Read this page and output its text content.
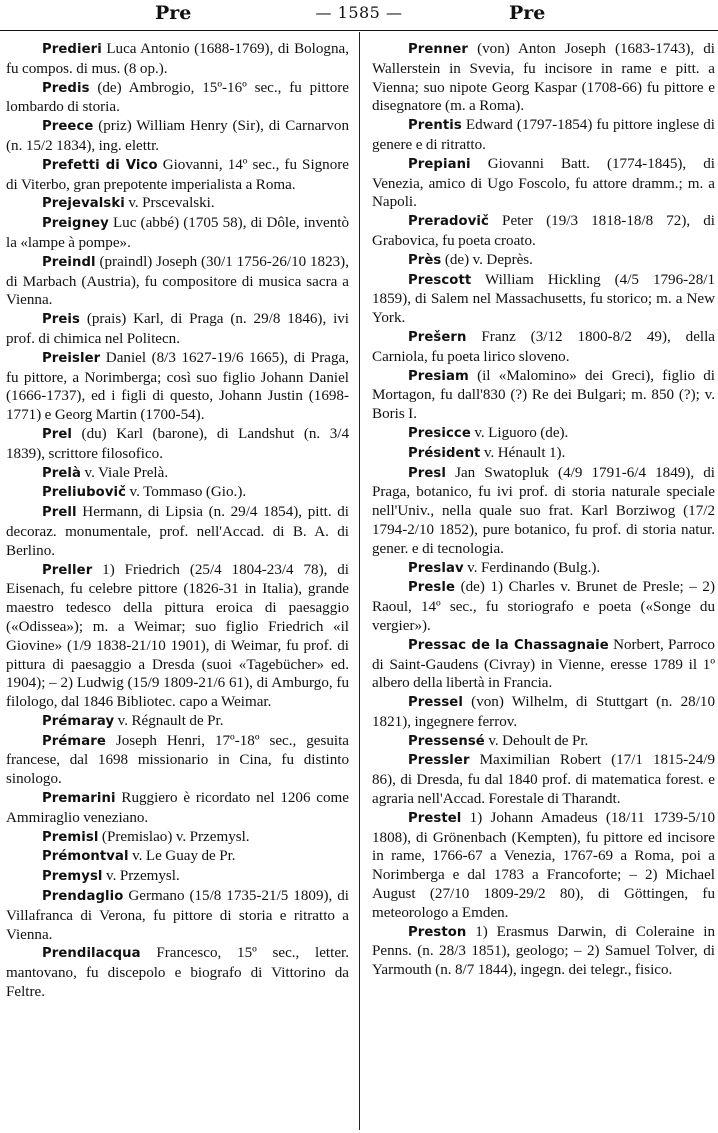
Pre	— 1585 —	Pre

Predieri Luca Antonio (1688-1769), di Bologna, fu compos. di mus. (8 op.).

Predis (de) Ambrogio, 15º-16º sec., fu pittore lombardo di storia.

Preece (priz) William Henry (Sir), di Carnarvon (n. 15/2 1834), ing. elettr.

Prefetti di Vico Giovanni, 14º sec., fu Signore di Viterbo, gran prepotente imperialista a Roma.

Prejevalski v. Prscevalski.

Preigney Luc (abbé) (1705 58), di Dôle, inventò la «lampe à pompe».

Preindl (praindl) Joseph (30/1 1756-26/10 1823), di Marbach (Austria), fu compositore di musica sacra a Vienna.

Preis (prais) Karl, di Praga (n. 29/8 1846), ivi prof. di chimica nel Politecn.

Preisler Daniel (8/3 1627-19/6 1665), di Praga, fu pittore, a Norimberga; così suo figlio Johann Daniel (1666-1737), ed i figli di questo, Johann Justin (1698-1771) e Georg Martin (1700-54).

Prel (du) Karl (barone), di Landshut (n. 3/4 1839), scrittore filosofico.

Prelà v. Viale Prelà.

Preliubovič v. Tommaso (Gio.).

Prell Hermann, di Lipsia (n. 29/4 1854), pitt. di decoraz. monumentale, prof. nell'Accad. di B. A. di Berlino.

Preller 1) Friedrich (25/4 1804-23/4 78), di Eisenach, fu celebre pittore (1826-31 in Italia), grande maestro tedesco della pittura eroica di paesaggio («Odissea»); m. a Weimar; suo figlio Friedrich «il Giovine» (1/9 1838-21/10 1901), di Weimar, fu prof. di pittura di paesaggio a Dresda (suoi «Tagebücher» ed. 1904); – 2) Ludwig (15/9 1809-21/6 61), di Amburgo, fu filologo, dal 1846 Bibliotec. capo a Weimar.

Prémaray v. Régnault de Pr.

Prémare Joseph Henri, 17º-18º sec., gesuita francese, dal 1698 missionario in Cina, fu distinto sinologo.

Premarini Ruggiero è ricordato nel 1206 come Ammiraglio veneziano.

Premisl (Premislao) v. Przemysl.

Prémontval v. Le Guay de Pr.

Premysl v. Przemysl.

Prendaglio Germano (15/8 1735-21/5 1809), di Villafranca di Verona, fu pittore di storia e ritratto a Vienna.

Prendilacqua Francesco, 15º sec., letter. mantovano, fu discepolo e biografo di Vittorino da Feltre.

Prenner (von) Anton Joseph (1683-1743), di Wallerstein in Svevia, fu incisore in rame e pitt. a Vienna; suo nipote Georg Kaspar (1708-66) fu pittore e disegnatore (m. a Roma).

Prentis Edward (1797-1854) fu pittore inglese di genere e di ritratto.

Prepiani Giovanni Batt. (1774-1845), di Venezia, amico di Ugo Foscolo, fu attore dramm.; m. a Napoli.

Preradovič Peter (19/3 1818-18/8 72), di Grabovica, fu poeta croato.

Près (de) v. Deprès.

Prescott William Hickling (4/5 1796-28/1 1859), di Salem nel Massachusetts, fu storico; m. a New York.

Prešern Franz (3/12 1800-8/2 49), della Carniola, fu poeta lirico sloveno.

Presiam (il «Malomino» dei Greci), figlio di Mortagon, fu dall'830 (?) Re dei Bulgari; m. 850 (?); v. Boris I.

Presicce v. Liguoro (de).

Président v. Hénault 1).

Presl Jan Swatopluk (4/9 1791-6/4 1849), di Praga, botanico, fu ivi prof. di storia naturale speciale nell'Univ., nella quale suo frat. Karl Borziwog (17/2 1794-2/10 1852), pure botanico, fu prof. di storia natur. gener. e di tecnologia.

Preslav v. Ferdinando (Bulg.).

Presle (de) 1) Charles v. Brunet de Presle; – 2) Raoul, 14º sec., fu storiografo e poeta («Songe du vergier»).

Pressac de la Chassagnaie Norbert, Parroco di Saint-Gaudens (Civray) in Vienne, eresse 1789 il 1º albero della libertà in Francia.

Pressel (von) Wilhelm, di Stuttgart (n. 28/10 1821), ingegnere ferrov.

Pressensé v. Dehoult de Pr.

Pressler Maximilian Robert (17/1 1815-24/9 86), di Dresda, fu dal 1840 prof. di matematica forest. e agraria nell'Accad. Forestale di Tharandt.

Prestel 1) Johann Amadeus (18/11 1739-5/10 1808), di Grönenbach (Kempten), fu pittore ed incisore in rame, 1766-67 a Venezia, 1767-69 a Roma, poi a Norimberga e dal 1783 a Francoforte; – 2) Michael August (27/10 1809-29/2 80), di Göttingen, fu meteorologo a Emden.

Preston 1) Erasmus Darwin, di Coleraine in Penns. (n. 28/3 1851), geologo; – 2) Samuel Tolver, di Yarmouth (n. 8/7 1844), ingegn. dei telegr., fisico.
